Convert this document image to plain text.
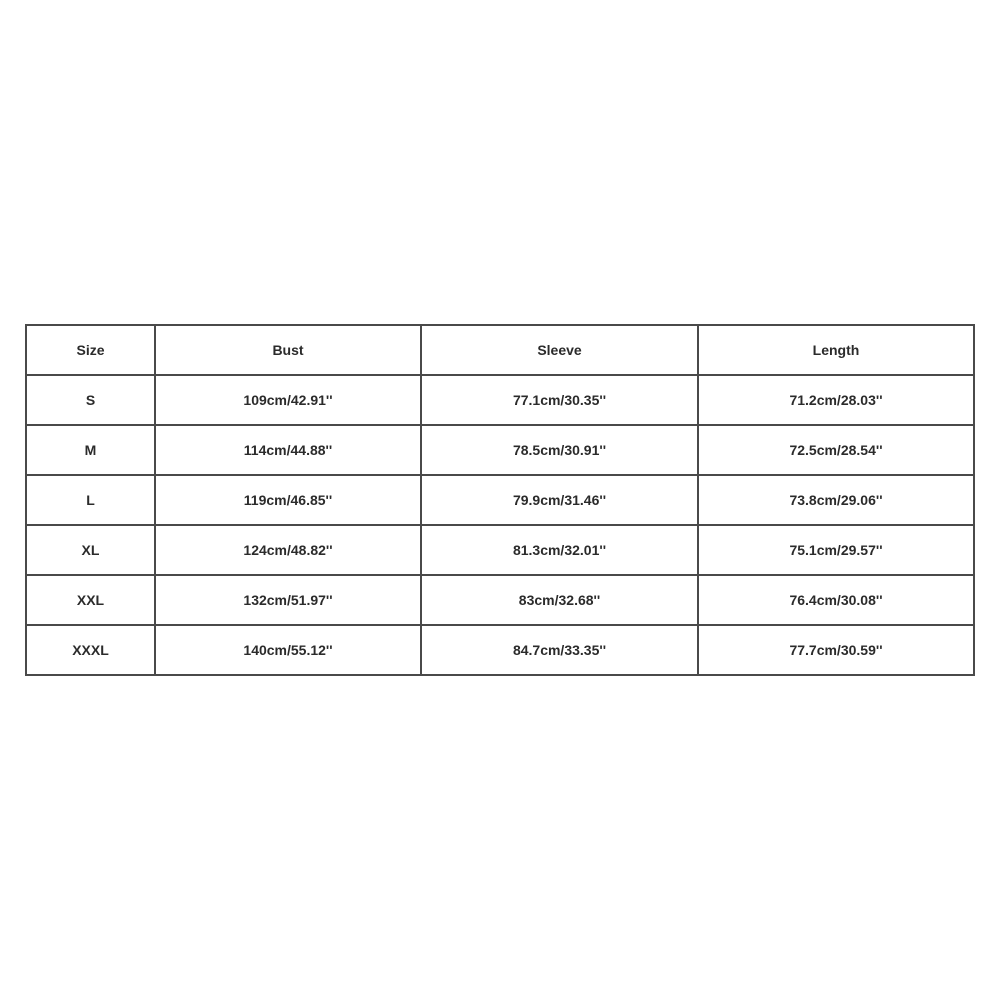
Size	Bust	Sleeve	Length
S	109cm/42.91''	77.1cm/30.35''	71.2cm/28.03''
M	114cm/44.88''	78.5cm/30.91''	72.5cm/28.54''
L	119cm/46.85''	79.9cm/31.46''	73.8cm/29.06''
XL	124cm/48.82''	81.3cm/32.01''	75.1cm/29.57''
XXL	132cm/51.97''	83cm/32.68''	76.4cm/30.08''
XXXL	140cm/55.12''	84.7cm/33.35''	77.7cm/30.59''
